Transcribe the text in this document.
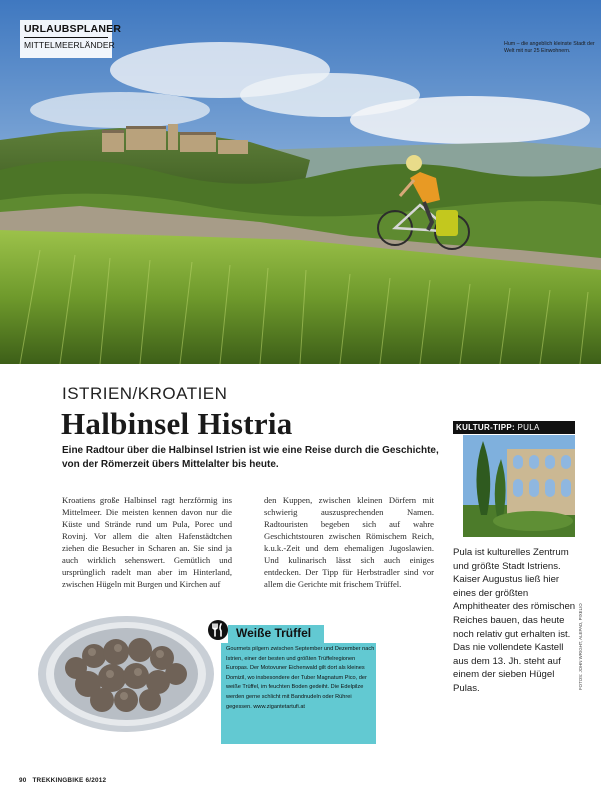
URLAUBSPLANER
MITTELMEERLÄNDER	Hum – die angeblich kleinste Stadt der Welt mit nur 25 Einwohnern.
ISTRIEN/KROATIEN
Halbinsel Histria
Eine Radtour über die Halbinsel Istrien ist wie eine Reise durch die Geschichte, von der Römerzeit übers Mittelalter bis heute.
Kroatiens große Halbinsel ragt herzförmig ins Mittelmeer. Die meisten kennen davon nur die Küste und Strände rund um Pula, Porec und Rovinj. Vor allem die alten Hafenstädtchen ziehen die Besucher in Scharen an. Sie sind ja auch wirklich sehenswert. Gemütlich und ursprünglich radelt man aber im Hinterland, zwischen Hügeln mit Burgen und Kirchen auf
den Kuppen, zwischen kleinen Dörfern mit schwierig auszusprechenden Namen. Radtouristen begeben sich auf wahre Geschichtstouren zwischen Römischem Reich, k.u.k.-Zeit und dem ehemaligen Jugoslawien. Und kulinarisch lässt sich auch einiges entdecken. Der Tipp für Herbstradler sind vor allem die Gerichte mit frischem Trüffel.
KULTUR-TIPP: PULA
Pula ist kulturelles Zentrum und größte Stadt Istriens. Kaiser Augustus ließ hier eines der größten Amphitheater des römischen Reiches bauen, das heute noch relativ gut erhalten ist. Das nie vollendete Kastell aus dem 13. Jh. steht auf einem der sieben Hügel Pulas.	FOTOS: JOHN WRIGHT, ALEPAD, PIXELIO
Weiße Trüffel
Gourmets pilgern zwischen September und Dezember nach Istrien, einer der besten und größten Trüffelregionen Europas. Der Motovuner Eichenwald gilt dort als kleines Domizil, wo insbesondere der Tuber Magnatum Pico, der weiße Trüffel, im feuchten Boden gedeiht. Die Edelpilze werden gerne schlicht mit Bandnudeln oder Rührei gegessen. www.zigantetartufi.at
90 TREKKINGBIKE 6/2012
